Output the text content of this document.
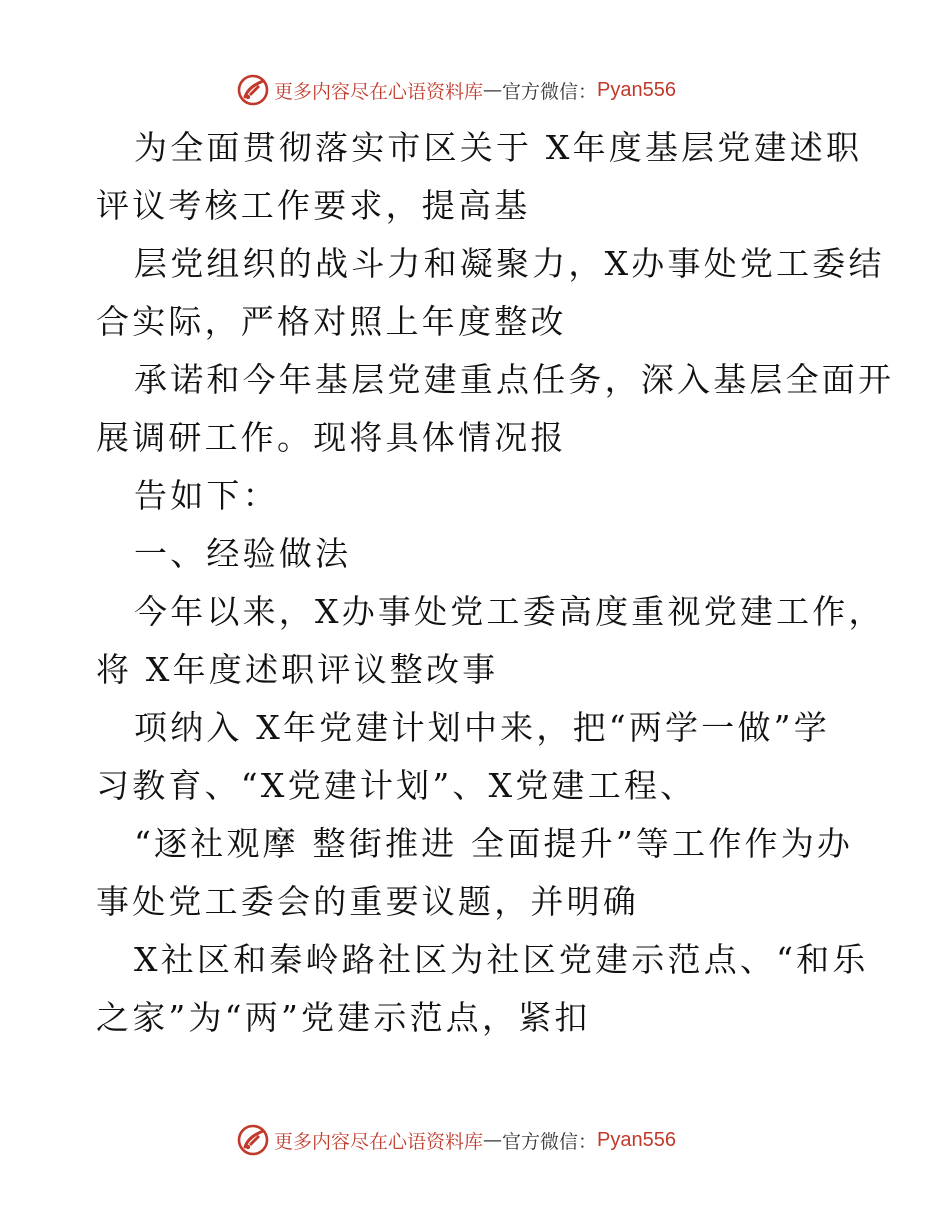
更多内容尽在心语资料库 — 官方微信： Pyan556
为全面贯彻落实市区关于 X年度基层党建述职
评议考核工作要求，提高基
层党组织的战斗力和凝聚力，X办事处党工委结
合实际，严格对照上年度整改
承诺和今年基层党建重点任务，深入基层全面开
展调研工作。现将具体情况报
告如下：
一、经验做法
今年以来，X办事处党工委高度重视党建工作，
将 X年度述职评议整改事
项纳入 X年党建计划中来，把“两学一做”学
习教育、“X党建计划”、X党建工程、
“逐社观摩 整街推进 全面提升”等工作作为办
事处党工委会的重要议题，并明确
X社区和秦岭路社区为社区党建示范点、“和乐
之家”为“两”党建示范点，紧扣
更多内容尽在心语资料库 — 官方微信： Pyan556
